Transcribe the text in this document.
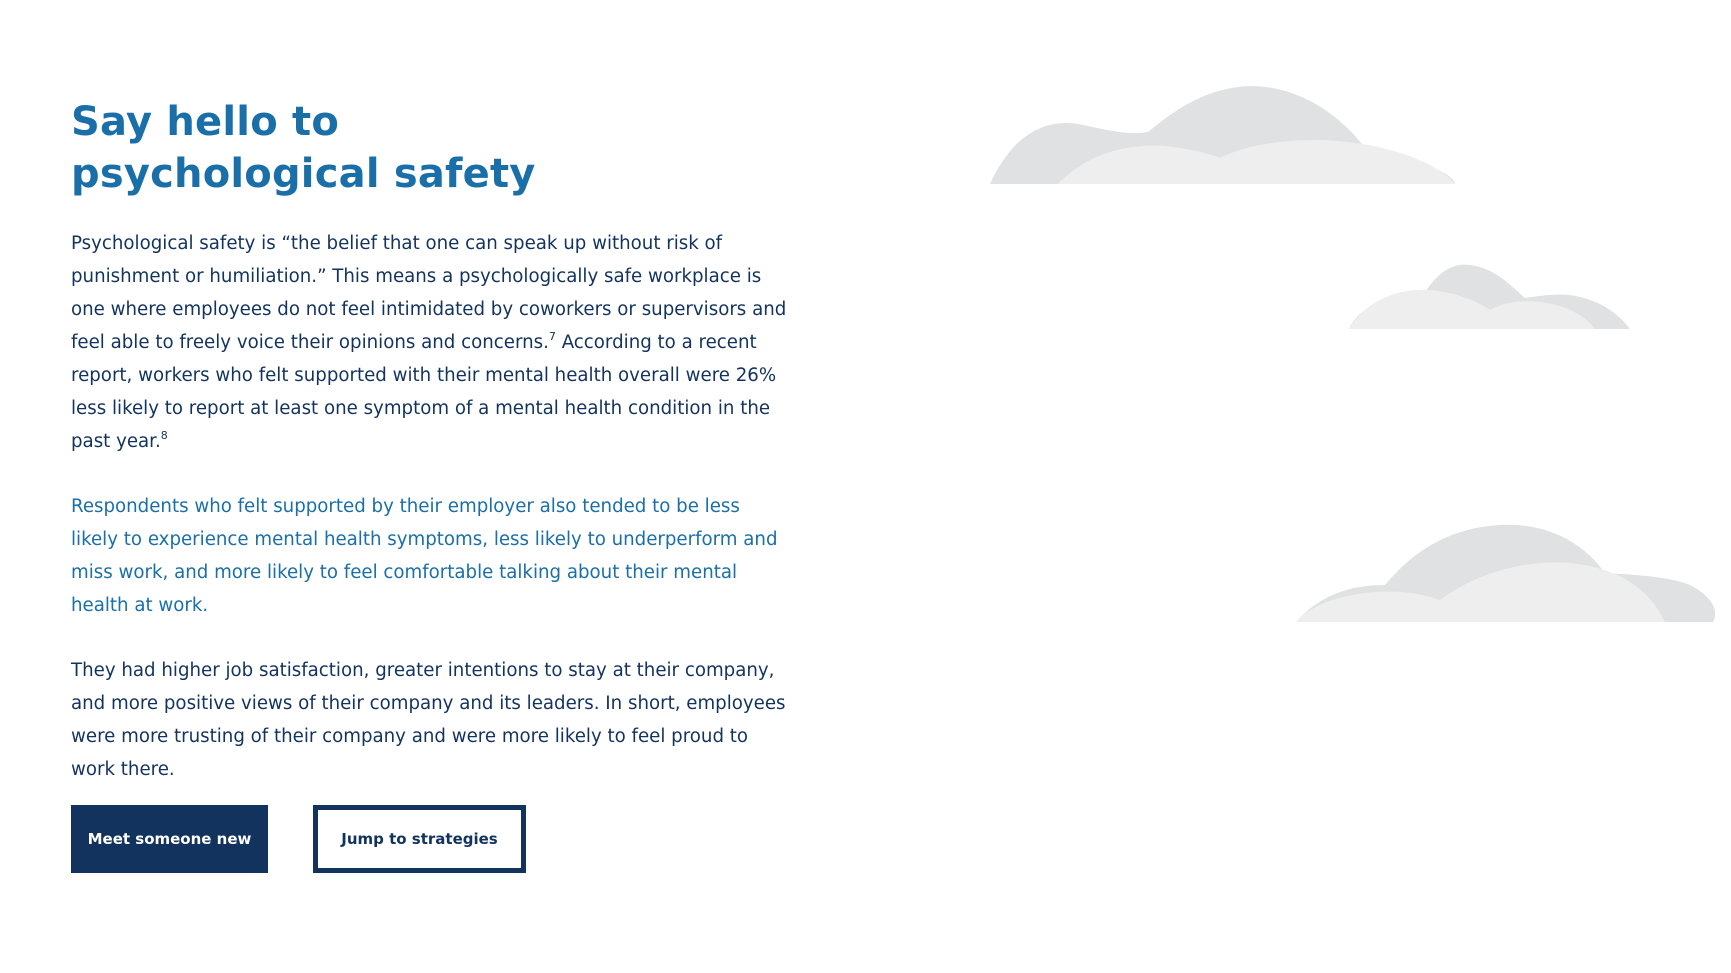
Say hello to
psychological safety

Psychological safety is “the belief that one can speak up without risk of punishment or humiliation.” This means a psychologically safe workplace is one where employees do not feel intimidated by coworkers or supervisors and feel able to freely voice their opinions and concerns.$^7$ According to a recent report, workers who felt supported with their mental health overall were 26% less likely to report at least one symptom of a mental health condition in the past year.$^8$

Respondents who felt supported by their employer also tended to be less likely to experience mental health symptoms, less likely to underperform and miss work, and more likely to feel comfortable talking about their mental health at work.

They had higher job satisfaction, greater intentions to stay at their company, and more positive views of their company and its leaders. In short, employees were more trusting of their company and were more likely to feel proud to work there.

Meet someone new	Jump to strategies
